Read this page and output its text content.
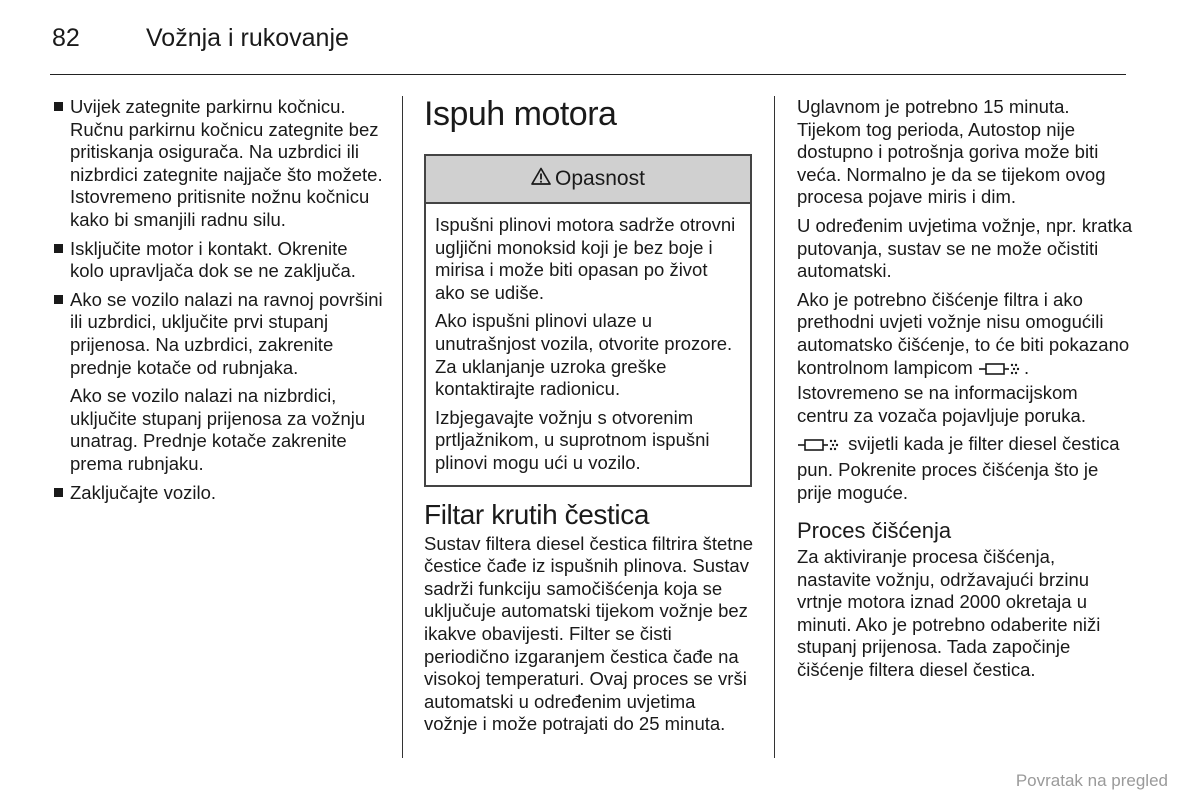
82	Vožnja i rukovanje

Uvijek zategnite parkirnu kočnicu. Ručnu parkirnu kočnicu zategnite bez pritiskanja osigurača. Na uzbrdici ili nizbrdici zategnite najjače što možete. Istovremeno pritisnite nožnu kočnicu kako bi smanjili radnu silu.

Isključite motor i kontakt. Okrenite kolo upravljača dok se ne zaključa.

Ako se vozilo nalazi na ravnoj površini ili uzbrdici, uključite prvi stupanj prijenosa. Na uzbrdici, zakrenite prednje kotače od rubnjaka.

Ako se vozilo nalazi na nizbrdici, uključite stupanj prijenosa za vožnju unatrag. Prednje kotače zakrenite prema rubnjaku.

Zaključajte vozilo.

Ispuh motora
Opasnost

Ispušni plinovi motora sadrže otrovni ugljični monoksid koji je bez boje i mirisa i može biti opasan po život ako se udiše.

Ako ispušni plinovi ulaze u unutrašnjost vozila, otvorite prozore. Za uklanjanje uzroka greške kontaktirajte radionicu.

Izbjegavajte vožnju s otvorenim prtljažnikom, u suprotnom ispušni plinovi mogu ući u vozilo.

Filtar krutih čestica

Sustav filtera diesel čestica filtrira štetne čestice čađe iz ispušnih plinova. Sustav sadrži funkciju samočišćenja koja se uključuje automatski tijekom vožnje bez ikakve obavijesti. Filter se čisti periodično izgaranjem čestica čađe na visokoj temperaturi. Ovaj proces se vrši automatski u određenim uvjetima vožnje i može potrajati do 25 minuta.

Uglavnom je potrebno 15 minuta. Tijekom tog perioda, Autostop nije dostupno i potrošnja goriva može biti veća. Normalno je da se tijekom ovog procesa pojave miris i dim.

U određenim uvjetima vožnje, npr. kratka putovanja, sustav se ne može očistiti automatski.

Ako je potrebno čišćenje filtra i ako prethodni uvjeti vožnje nisu omogućili automatsko čišćenje, to će biti pokazano kontrolnom lampicom . Istovremeno se na informacijskom centru za vozača pojavljuje poruka.

svijetli kada je filter diesel čestica pun. Pokrenite proces čišćenja što je prije moguće.

Proces čišćenja

Za aktiviranje procesa čišćenja, nastavite vožnju, održavajući brzinu vrtnje motora iznad 2000 okretaja u minuti. Ako je potrebno odaberite niži stupanj prijenosa. Tada započinje čišćenje filtera diesel čestica.

Povratak na pregled
